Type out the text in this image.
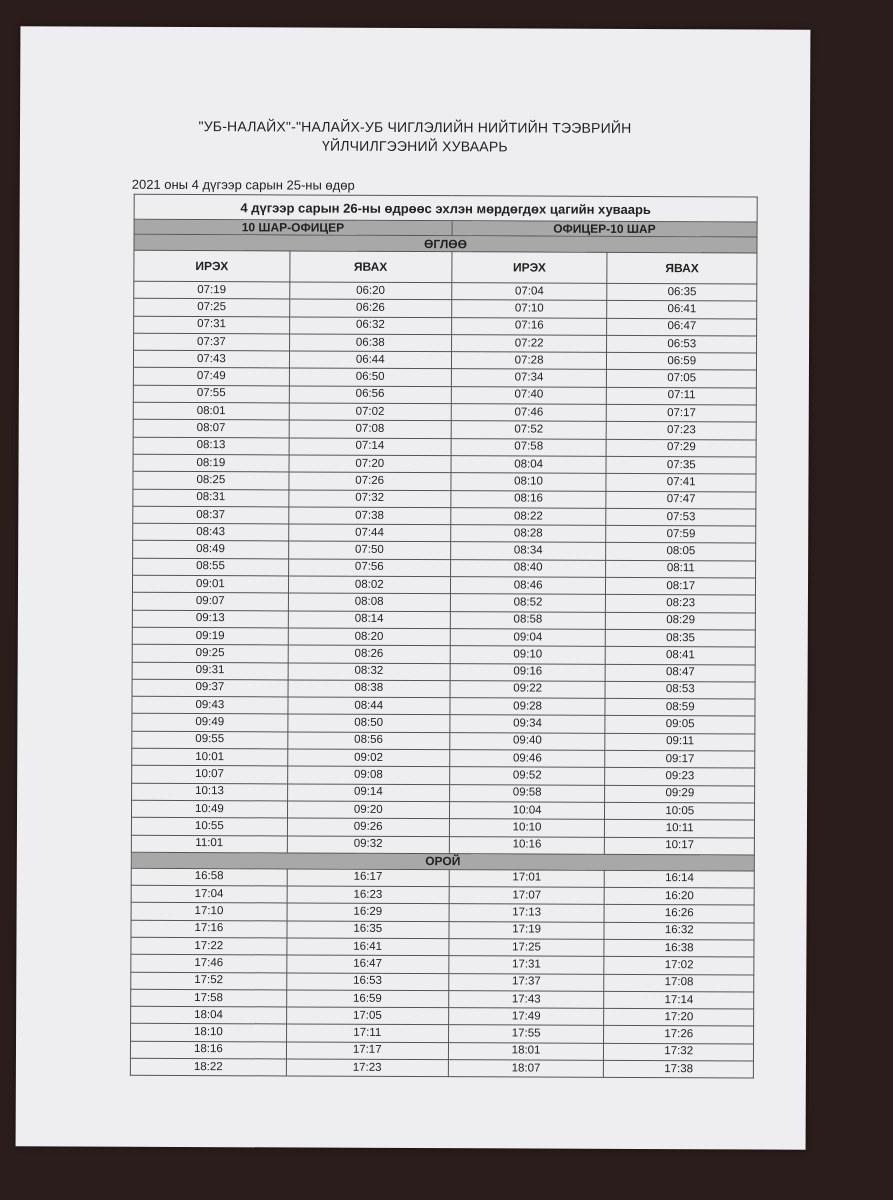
"УБ-НАЛАЙХ"-"НАЛАЙХ-УБ ЧИГЛЭЛИЙН НИЙТИЙН ТЭЭВРИЙН
ҮЙЛЧИЛГЭЭНИЙ ХУВААРЬ
2021 оны 4 дүгээр сарын 25-ны өдөр
4 дүгээр сарын 26-ны өдрөөс эхлэн мөрдөгдөх цагийн хуваарь			
10 ШАР-ОФИЦЕР		ОФИЦЕР-10 ШАР	
ӨГЛӨӨ			
ИРЭХ	ЯВАХ	ИРЭХ	ЯВАХ
07:19	06:20	07:04	06:35
07:25	06:26	07:10	06:41
07:31	06:32	07:16	06:47
07:37	06:38	07:22	06:53
07:43	06:44	07:28	06:59
07:49	06:50	07:34	07:05
07:55	06:56	07:40	07:11
08:01	07:02	07:46	07:17
08:07	07:08	07:52	07:23
08:13	07:14	07:58	07:29
08:19	07:20	08:04	07:35
08:25	07:26	08:10	07:41
08:31	07:32	08:16	07:47
08:37	07:38	08:22	07:53
08:43	07:44	08:28	07:59
08:49	07:50	08:34	08:05
08:55	07:56	08:40	08:11
09:01	08:02	08:46	08:17
09:07	08:08	08:52	08:23
09:13	08:14	08:58	08:29
09:19	08:20	09:04	08:35
09:25	08:26	09:10	08:41
09:31	08:32	09:16	08:47
09:37	08:38	09:22	08:53
09:43	08:44	09:28	08:59
09:49	08:50	09:34	09:05
09:55	08:56	09:40	09:11
10:01	09:02	09:46	09:17
10:07	09:08	09:52	09:23
10:13	09:14	09:58	09:29
10:49	09:20	10:04	10:05
10:55	09:26	10:10	10:11
11:01	09:32	10:16	10:17
ОРОЙ			
16:58	16:17	17:01	16:14
17:04	16:23	17:07	16:20
17:10	16:29	17:13	16:26
17:16	16:35	17:19	16:32
17:22	16:41	17:25	16:38
17:46	16:47	17:31	17:02
17:52	16:53	17:37	17:08
17:58	16:59	17:43	17:14
18:04	17:05	17:49	17:20
18:10	17:11	17:55	17:26
18:16	17:17	18:01	17:32
18:22	17:23	18:07	17:38
